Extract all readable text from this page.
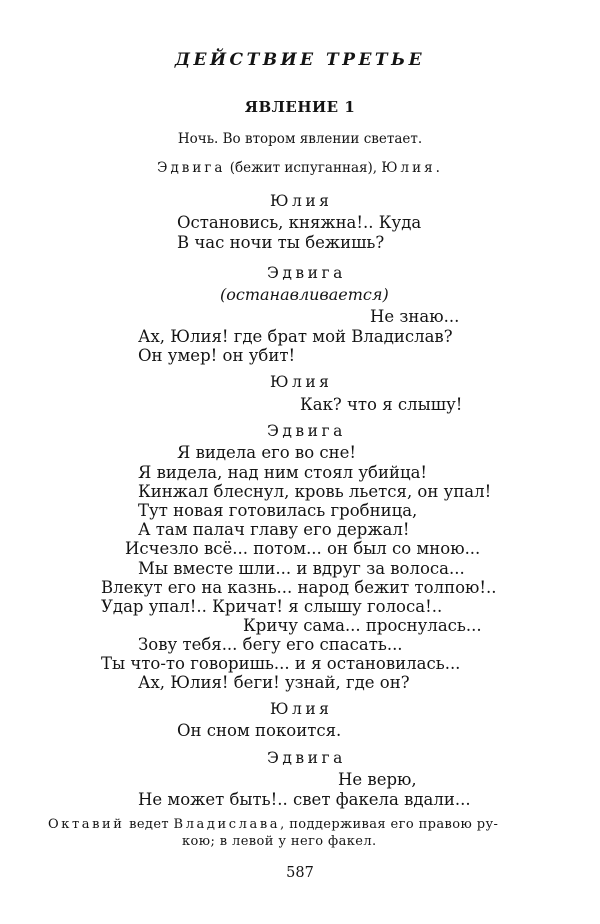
ДЕЙСТВИЕ ТРЕТЬЕ
ЯВЛЕНИЕ 1
Ночь. Во втором явлении светает.
Эдвига (бежит испуганная), Юлия.
Юлия
Остановись, княжна!.. Куда
В час ночи ты бежишь?
Эдвига
(останавливается)
Не знаю...
Ах, Юлия! где брат мой Владислав?
Он умер! он убит!
Юлия
Как? что я слышу!
Эдвига
Я видела его во сне!
Я видела, над ним стоял убийца!
Кинжал блеснул, кровь льется, он упал!
Тут новая готовилась гробница,
А там палач главу его держал!
Исчезло всё... потом... он был со мною...
Мы вместе шли... и вдруг за волоса...
Влекут его на казнь... народ бежит толпою!..
Удар упал!.. Кричат! я слышу голоса!..
Кричу сама... проснулась...
Зову тебя... бегу его спасать...
Ты что-то говоришь... и я остановилась...
Ах, Юлия! беги! узнай, где он?
Юлия
Он сном покоится.
Эдвига
Не верю,
Не может быть!.. свет факела вдали...
Октавий ведет Владислава, поддерживая его правою ру-
кою; в левой у него факел.
587
